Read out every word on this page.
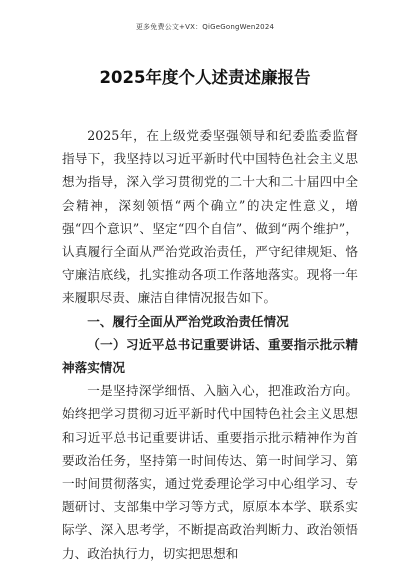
更多免费公文+VX：QiGeGongWen2024
2025年度个人述责述廉报告

2025年，在上级党委坚强领导和纪委监委监督指导下，我坚持以习近平新时代中国特色社会主义思想为指导，深入学习贯彻党的二十大和二十届四中全会精神，深刻领悟“两个确立”的决定性意义，增强“四个意识”、坚定“四个自信”、做到“两个维护”，认真履行全面从严治党政治责任，严守纪律规矩、恪守廉洁底线，扎实推动各项工作落地落实。现将一年来履职尽责、廉洁自律情况报告如下。

一、履行全面从严治党政治责任情况

（一）习近平总书记重要讲话、重要指示批示精神落实情况

一是坚持深学细悟、入脑入心，把准政治方向。始终把学习贯彻习近平新时代中国特色社会主义思想和习近平总书记重要讲话、重要指示批示精神作为首要政治任务，坚持第一时间传达、第一时间学习、第一时间贯彻落实，通过党委理论学习中心组学习、专题研讨、支部集中学习等方式，原原本本学、联系实际学、深入思考学，不断提高政治判断力、政治领悟力、政治执行力，切实把思想和
